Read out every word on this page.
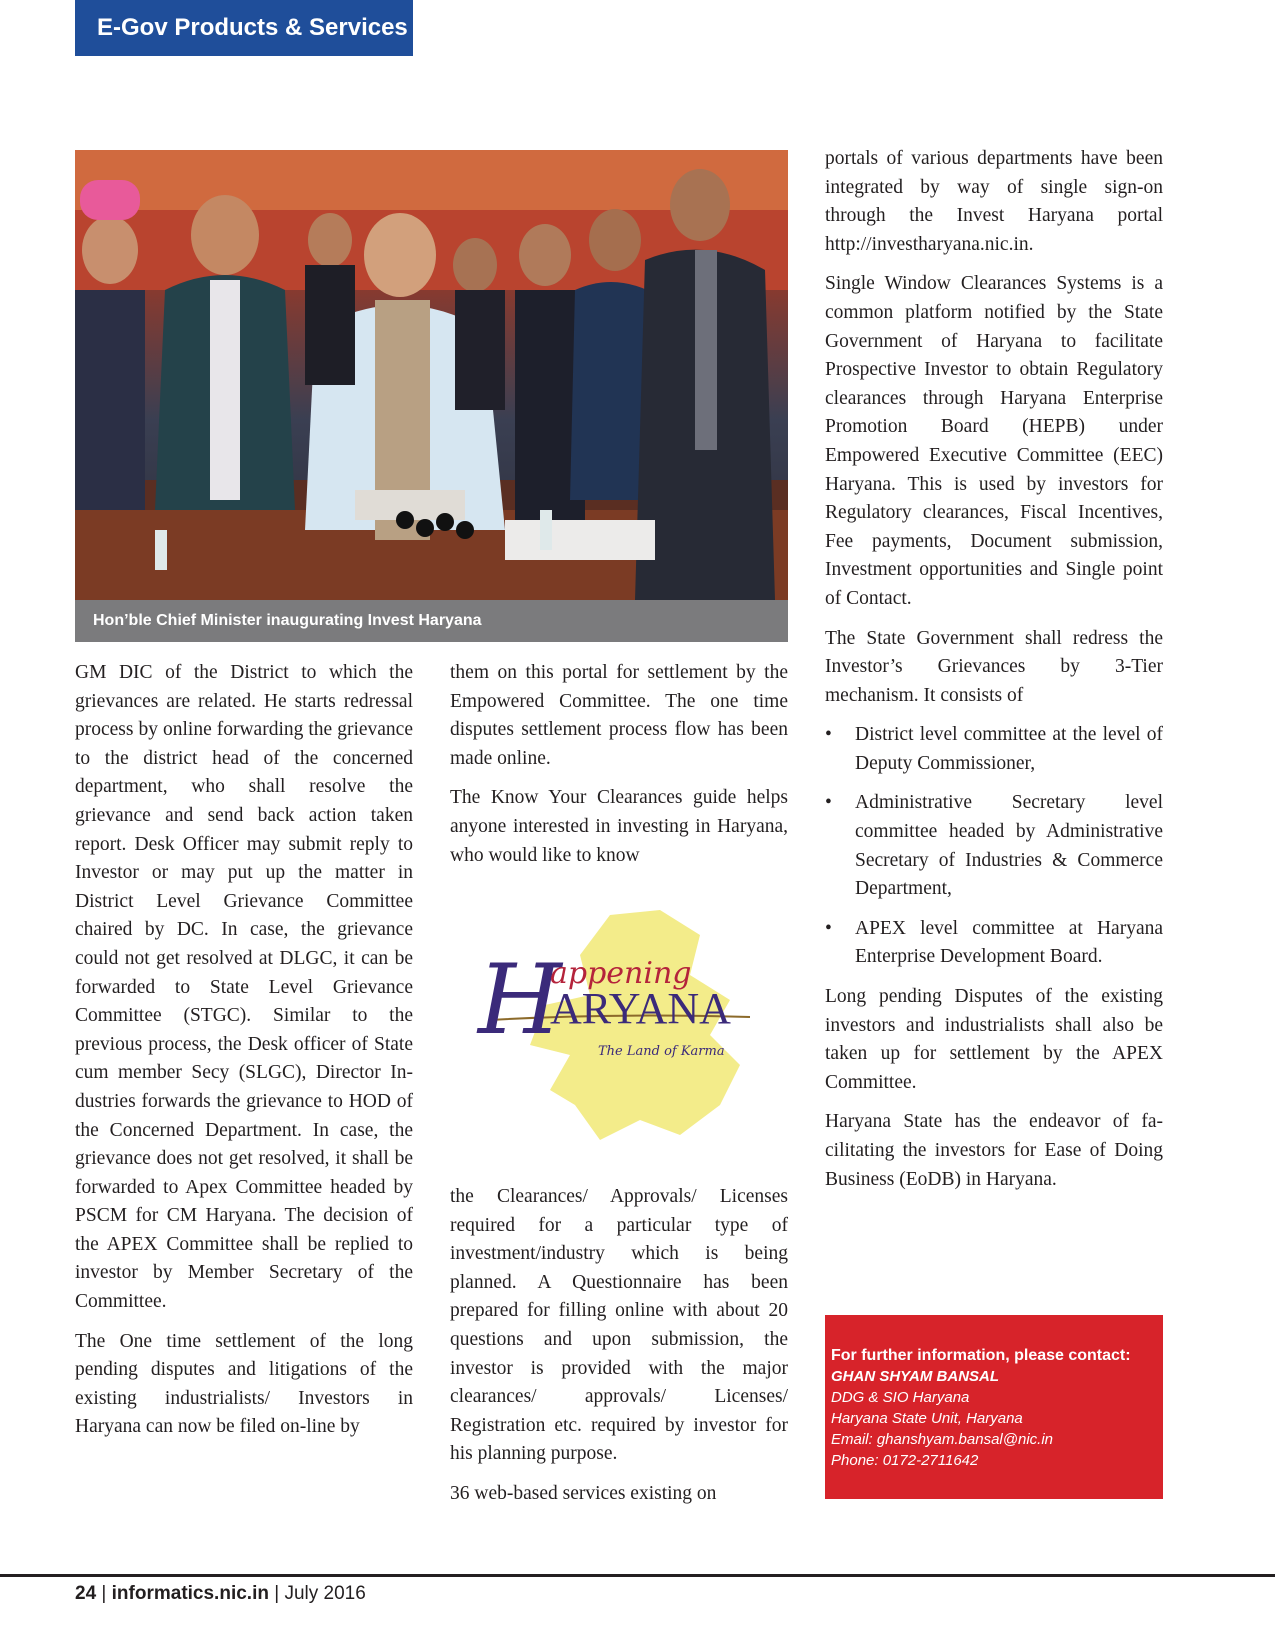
E-Gov Products & Services
Hon’ble Chief Minister inaugurating Invest Haryana

GM DIC of the District to which the grievances are related. He starts redressal process by online forwarding the grievance to the district head of the concerned department, who shall resolve the grievance and send back action taken report. Desk Officer may submit reply to Investor or may put up the matter in District Level Grievance Committee chaired by DC. In case, the grievance could not get resolved at DLGC, it can be forwarded to State Level Grievance Committee (STGC). Similar to the previous process, the Desk officer of State cum member Secy (SLGC), Director Industries forwards the grievance to HOD of the Concerned Department. In case, the grievance does not get resolved, it shall be forwarded to Apex Committee headed by PSCM for CM Haryana. The decision of the APEX Committee shall be replied to investor by Member Secretary of the Committee.

The One time settlement of the long pending disputes and litigations of the existing industrialists/ Investors in Haryana can now be filed on-line by

them on this portal for settlement by the Empowered Committee. The one time disputes settlement process flow has been made online.

The Know Your Clearances guide helps anyone interested in investing in Haryana, who would like to know

H
appening
ARYANA
The Land of Karma

the Clearances/ Approvals/ Licenses required for a particular type of investment/industry which is being planned. A Questionnaire has been prepared for filling online with about 20 questions and upon submission, the investor is provided with the major clearances/ approvals/ Licenses/ Registration etc. required by investor for his planning purpose.

36 web-based services existing on

portals of various departments have been integrated by way of single sign-on through the Invest Haryana portal http://investharyana.nic.in.

Single Window Clearances Systems is a common platform notified by the State Government of Haryana to facilitate Prospective Investor to obtain Regulatory clearances through Haryana Enterprise Promotion Board (HEPB) under Empowered Executive Committee (EEC) Haryana. This is used by investors for Regulatory clearances, Fiscal Incentives, Fee payments, Document submission, Investment opportunities and Single point of Contact.

The State Government shall redress the Investor’s Grievances by 3-Tier mechanism. It consists of

• District level committee at the level of Deputy Commissioner,
• Administrative Secretary level committee headed by Administrative Secretary of Industries & Commerce Department,
• APEX level committee at Haryana Enterprise Development Board.

Long pending Disputes of the existing investors and industrialists shall also be taken up for settlement by the APEX Committee.

Haryana State has the endeavor of facilitating the investors for Ease of Doing Business (EoDB) in Haryana.

For further information, please contact:
GHAN SHYAM BANSAL
DDG & SIO Haryana
Haryana State Unit, Haryana
Email: ghanshyam.bansal@nic.in
Phone: 0172-2711642
24 | informatics.nic.in | July 2016
